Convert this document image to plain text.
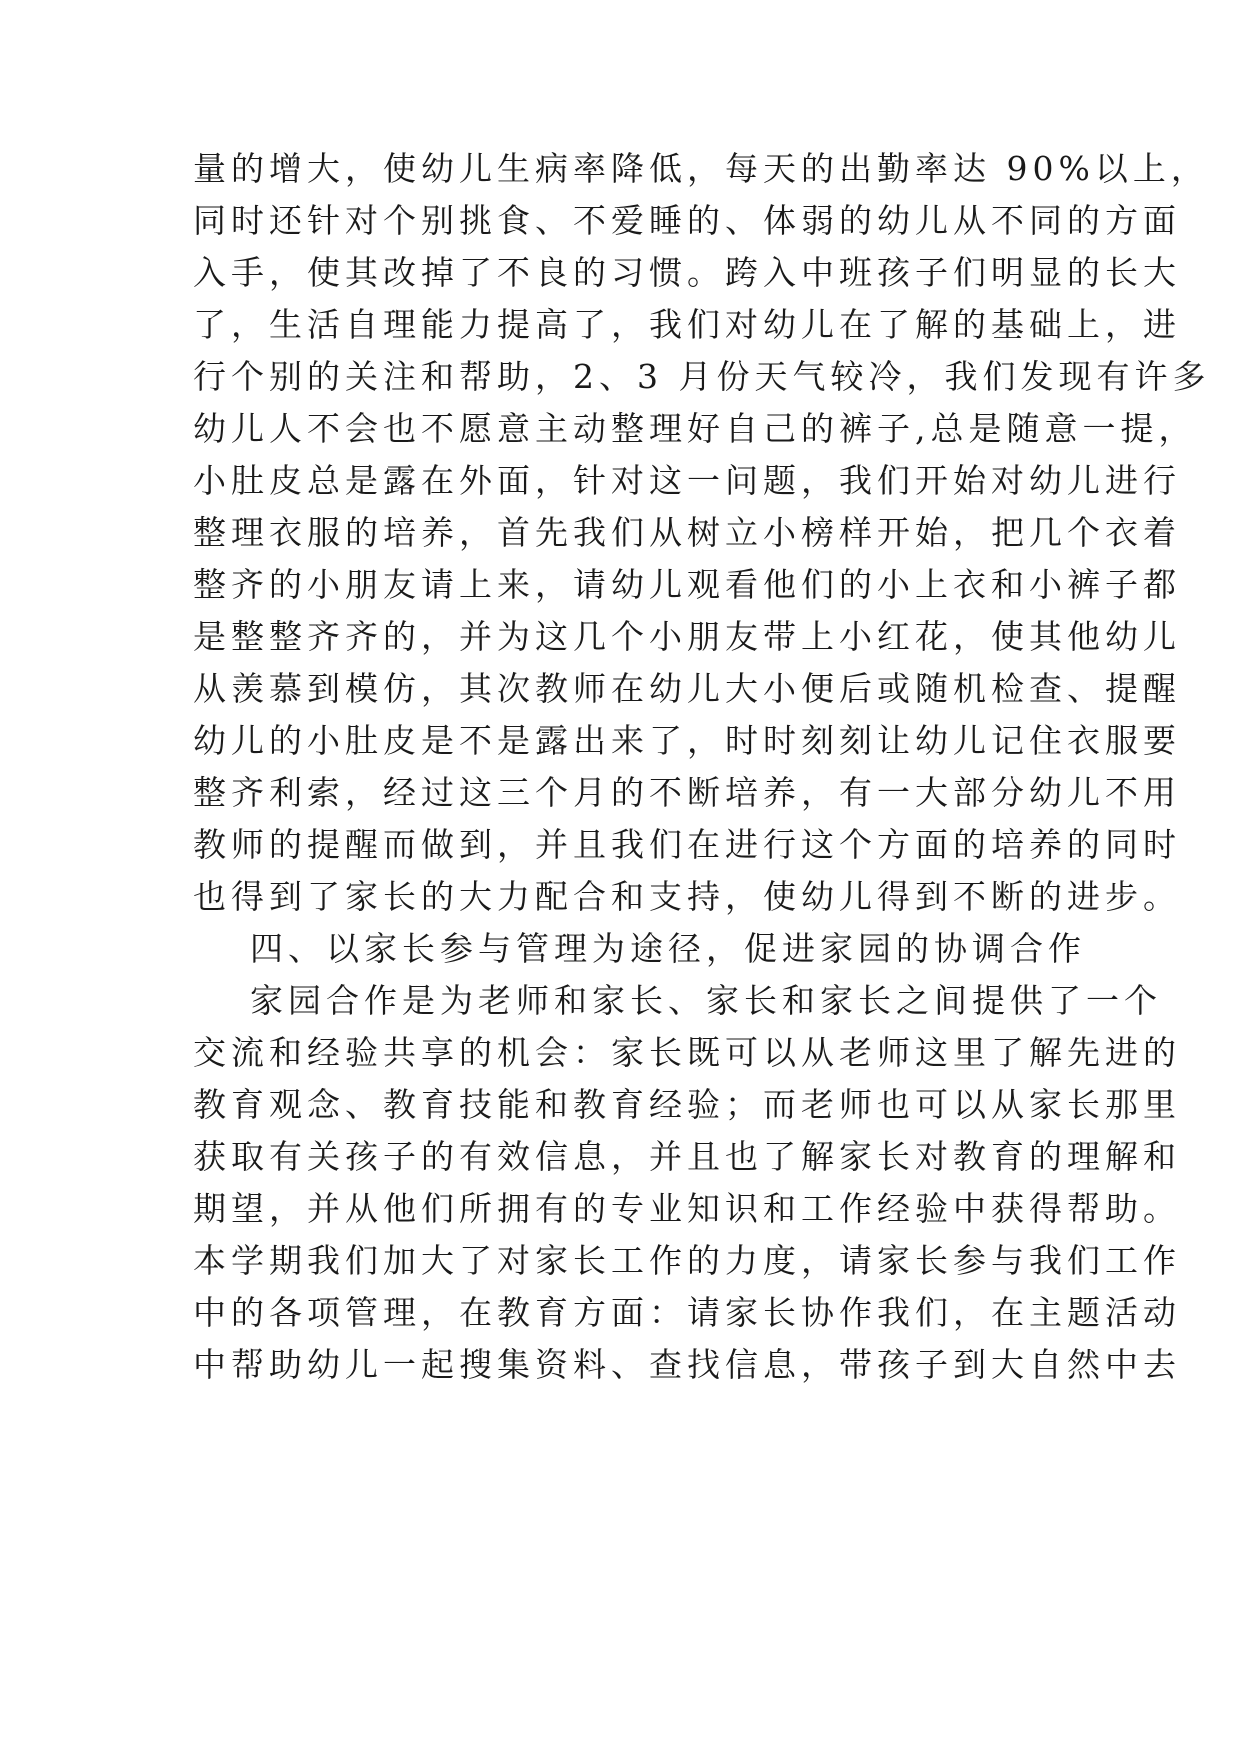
量的增大，使幼儿生病率降低，每天的出勤率达 90%以上，
同时还针对个别挑食、不爱睡的、体弱的幼儿从不同的方面
入手，使其改掉了不良的习惯。跨入中班孩子们明显的长大
了，生活自理能力提高了，我们对幼儿在了解的基础上，进
行个别的关注和帮助，2、3 月份天气较冷，我们发现有许多
幼儿人不会也不愿意主动整理好自己的裤子,总是随意一提，
小肚皮总是露在外面，针对这一问题，我们开始对幼儿进行
整理衣服的培养，首先我们从树立小榜样开始，把几个衣着
整齐的小朋友请上来，请幼儿观看他们的小上衣和小裤子都
是整整齐齐的，并为这几个小朋友带上小红花，使其他幼儿
从羡慕到模仿，其次教师在幼儿大小便后或随机检查、提醒
幼儿的小肚皮是不是露出来了，时时刻刻让幼儿记住衣服要
整齐利索，经过这三个月的不断培养，有一大部分幼儿不用
教师的提醒而做到，并且我们在进行这个方面的培养的同时
也得到了家长的大力配合和支持，使幼儿得到不断的进步。
四、以家长参与管理为途径，促进家园的协调合作
家园合作是为老师和家长、家长和家长之间提供了一个
交流和经验共享的机会：家长既可以从老师这里了解先进的
教育观念、教育技能和教育经验；而老师也可以从家长那里
获取有关孩子的有效信息，并且也了解家长对教育的理解和
期望，并从他们所拥有的专业知识和工作经验中获得帮助。
本学期我们加大了对家长工作的力度，请家长参与我们工作
中的各项管理，在教育方面：请家长协作我们，在主题活动
中帮助幼儿一起搜集资料、查找信息，带孩子到大自然中去
